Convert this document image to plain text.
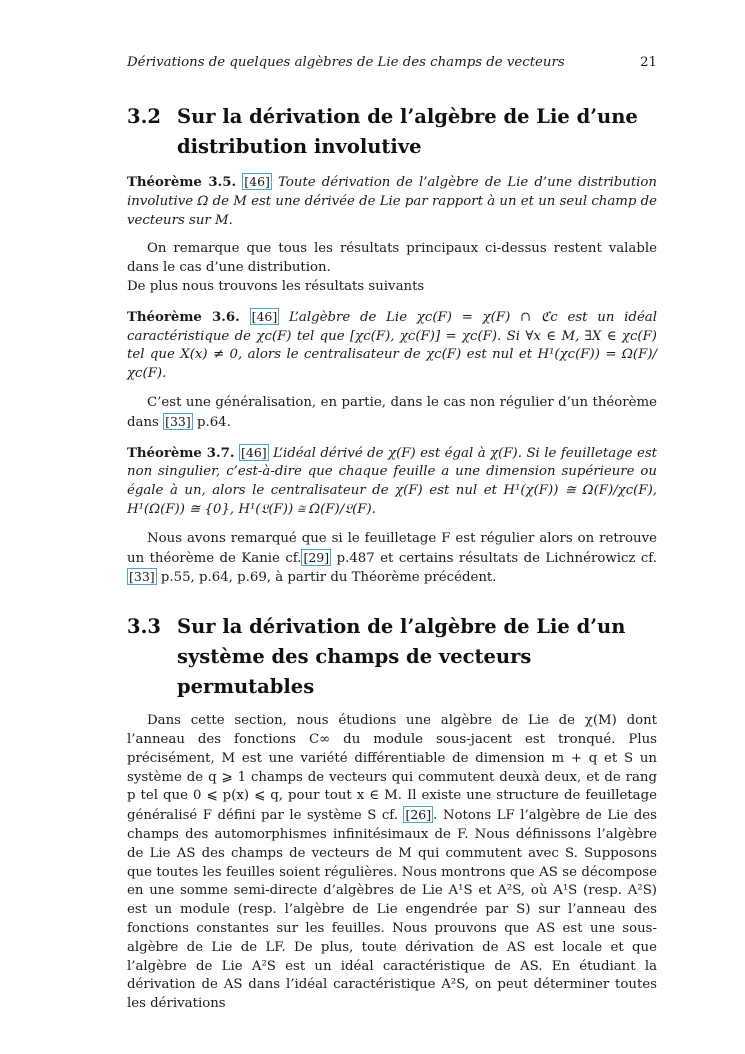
Dérivations de quelques algèbres de Lie des champs de vecteurs	21
3.2 Sur la dérivation de l’algèbre de Lie d’une distribution involutive

Théorème 3.5. [46] Toute dérivation de l’algèbre de Lie d’une distribution involutive Ω de M est une dérivée de Lie par rapport à un et un seul champ de vecteurs sur M.

On remarque que tous les résultats principaux ci-dessus restent valable dans le cas d’une distribution.

De plus nous trouvons les résultats suivants

Théorème 3.6. [46] L’algèbre de Lie χc(F) = χ(F) ∩ ℭc est un idéal caractéristique de χc(F) tel que [χc(F), χc(F)] = χc(F). Si ∀x ∈ M, ∃X ∈ χc(F) tel que X(x) ≠ 0, alors le centralisateur de χc(F) est nul et H¹(χc(F)) = Ω(F)/χc(F).

C’est une généralisation, en partie, dans le cas non régulier d’un théorème dans [33] p.64.

Théorème 3.7. [46] L’idéal dérivé de χ(F) est égal à χ(F). Si le feuilletage est non singulier, c’est-à-dire que chaque feuille a une dimension supérieure ou égale à un, alors le centralisateur de χ(F) est nul et H¹(χ(F)) ≅ Ω(F)/χc(F), H¹(Ω(F)) ≅ {0}, H¹(𝔏(F)) ≅ Ω(F)/𝔏(F).

Nous avons remarqué que si le feuilletage F est régulier alors on retrouve un théorème de Kanie cf. [29] p.487 et certains résultats de Lichnérowicz cf.[33] p.55, p.64, p.69, à partir du Théorème précédent.

3.3 Sur la dérivation de l’algèbre de Lie d’un système des champs de vecteurs permutables

Dans cette section, nous étudions une algèbre de Lie de χ(M) dont l’anneau des fonctions C∞ du module sous-jacent est tronqué. Plus précisément, M est une variété différentiable de dimension m + q et S un système de q ⩾ 1 champs de vecteurs qui commutent deuxà deux, et de rang p tel que 0 ⩽ p(x) ⩽ q, pour tout x ∈ M. Il existe une structure de feuilletage généralisé F défini par le système S cf. [26] . Notons LF l’algèbre de Lie des champs des automorphismes infinitésimaux de F. Nous définissons l’algèbre de Lie AS des champs de vecteurs de M qui commutent avec S. Supposons que toutes les feuilles soient régulières. Nous montrons que AS se décompose en une somme semi-directe d’algèbres de Lie A¹S et A²S, où A¹S (resp. A²S) est un module (resp. l’algèbre de Lie engendrée par S) sur l’anneau des fonctions constantes sur les feuilles. Nous prouvons que AS est une sous-algèbre de Lie de LF. De plus, toute dérivation de AS est locale et que l’algèbre de Lie A²S est un idéal caractéristique de AS. En étudiant la dérivation de AS dans l’idéal caractéristique A²S, on peut déterminer toutes les dérivations
